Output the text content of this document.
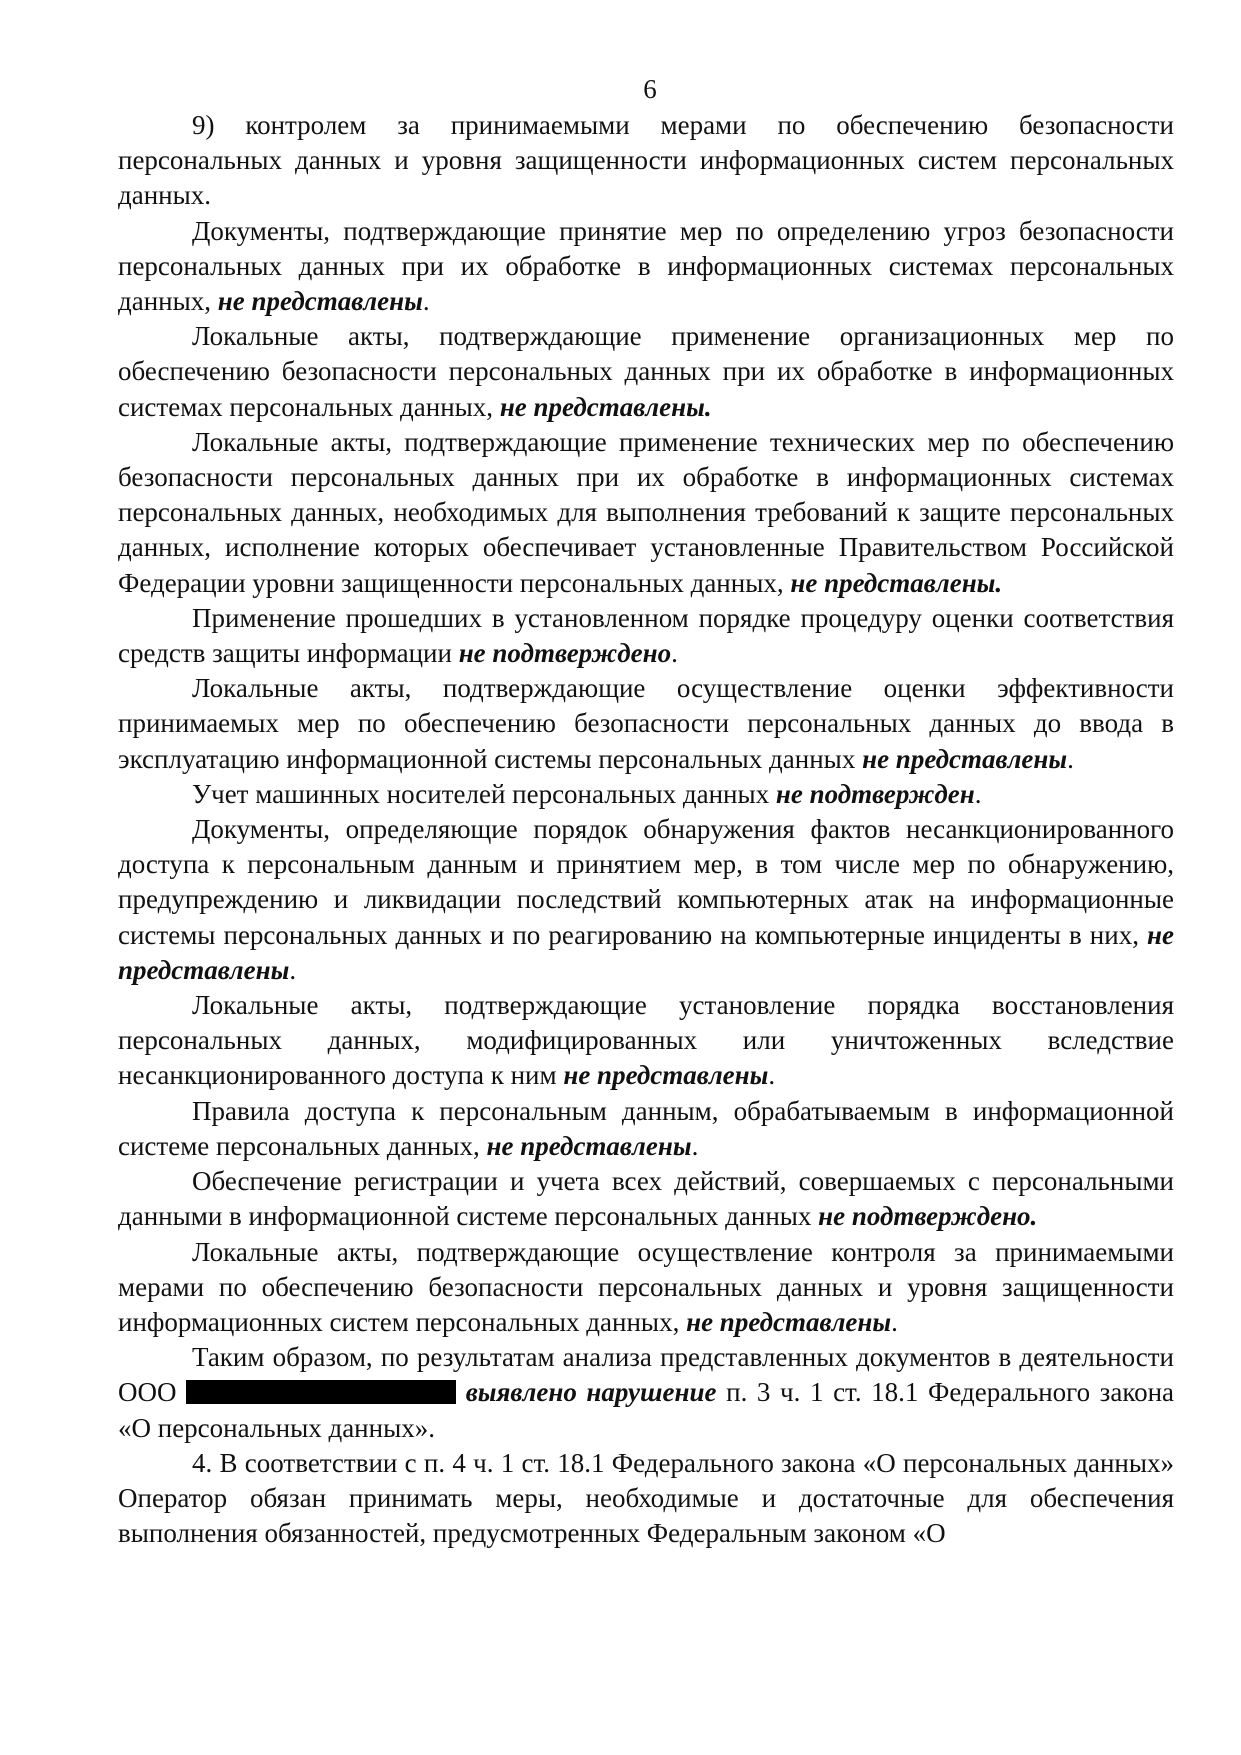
6

9) контролем за принимаемыми мерами по обеспечению безопасности персональных данных и уровня защищенности информационных систем персональных данных.

Документы, подтверждающие принятие мер по определению угроз безопасности персональных данных при их обработке в информационных системах персональных данных, не представлены.

Локальные акты, подтверждающие применение организационных мер по обеспечению безопасности персональных данных при их обработке в информационных системах персональных данных, не представлены.

Локальные акты, подтверждающие применение технических мер по обеспечению безопасности персональных данных при их обработке в информационных системах персональных данных, необходимых для выполнения требований к защите персональных данных, исполнение которых обеспечивает установленные Правительством Российской Федерации уровни защищенности персональных данных, не представлены.

Применение прошедших в установленном порядке процедуру оценки соответствия средств защиты информации не подтверждено.

Локальные акты, подтверждающие осуществление оценки эффективности принимаемых мер по обеспечению безопасности персональных данных до ввода в эксплуатацию информационной системы персональных данных не представлены.

Учет машинных носителей персональных данных не подтвержден.

Документы, определяющие порядок обнаружения фактов несанкционированного доступа к персональным данным и принятием мер, в том числе мер по обнаружению, предупреждению и ликвидации последствий компьютерных атак на информационные системы персональных данных и по реагированию на компьютерные инциденты в них, не представлены.

Локальные акты, подтверждающие установление порядка восстановления персональных данных, модифицированных или уничтоженных вследствие несанкционированного доступа к ним не представлены.

Правила доступа к персональным данным, обрабатываемым в информационной системе персональных данных, не представлены.

Обеспечение регистрации и учета всех действий, совершаемых с персональными данными в информационной системе персональных данных не подтверждено.

Локальные акты, подтверждающие осуществление контроля за принимаемыми мерами по обеспечению безопасности персональных данных и уровня защищенности информационных систем персональных данных, не представлены.

Таким образом, по результатам анализа представленных документов в деятельности ООО	выявлено нарушение п. 3 ч. 1 ст. 18.1 Федерального закона «О персональных данных».

4. В соответствии с п. 4 ч. 1 ст. 18.1 Федерального закона «О персональных данных» Оператор обязан принимать меры, необходимые и достаточные для обеспечения выполнения обязанностей, предусмотренных Федеральным законом «О
